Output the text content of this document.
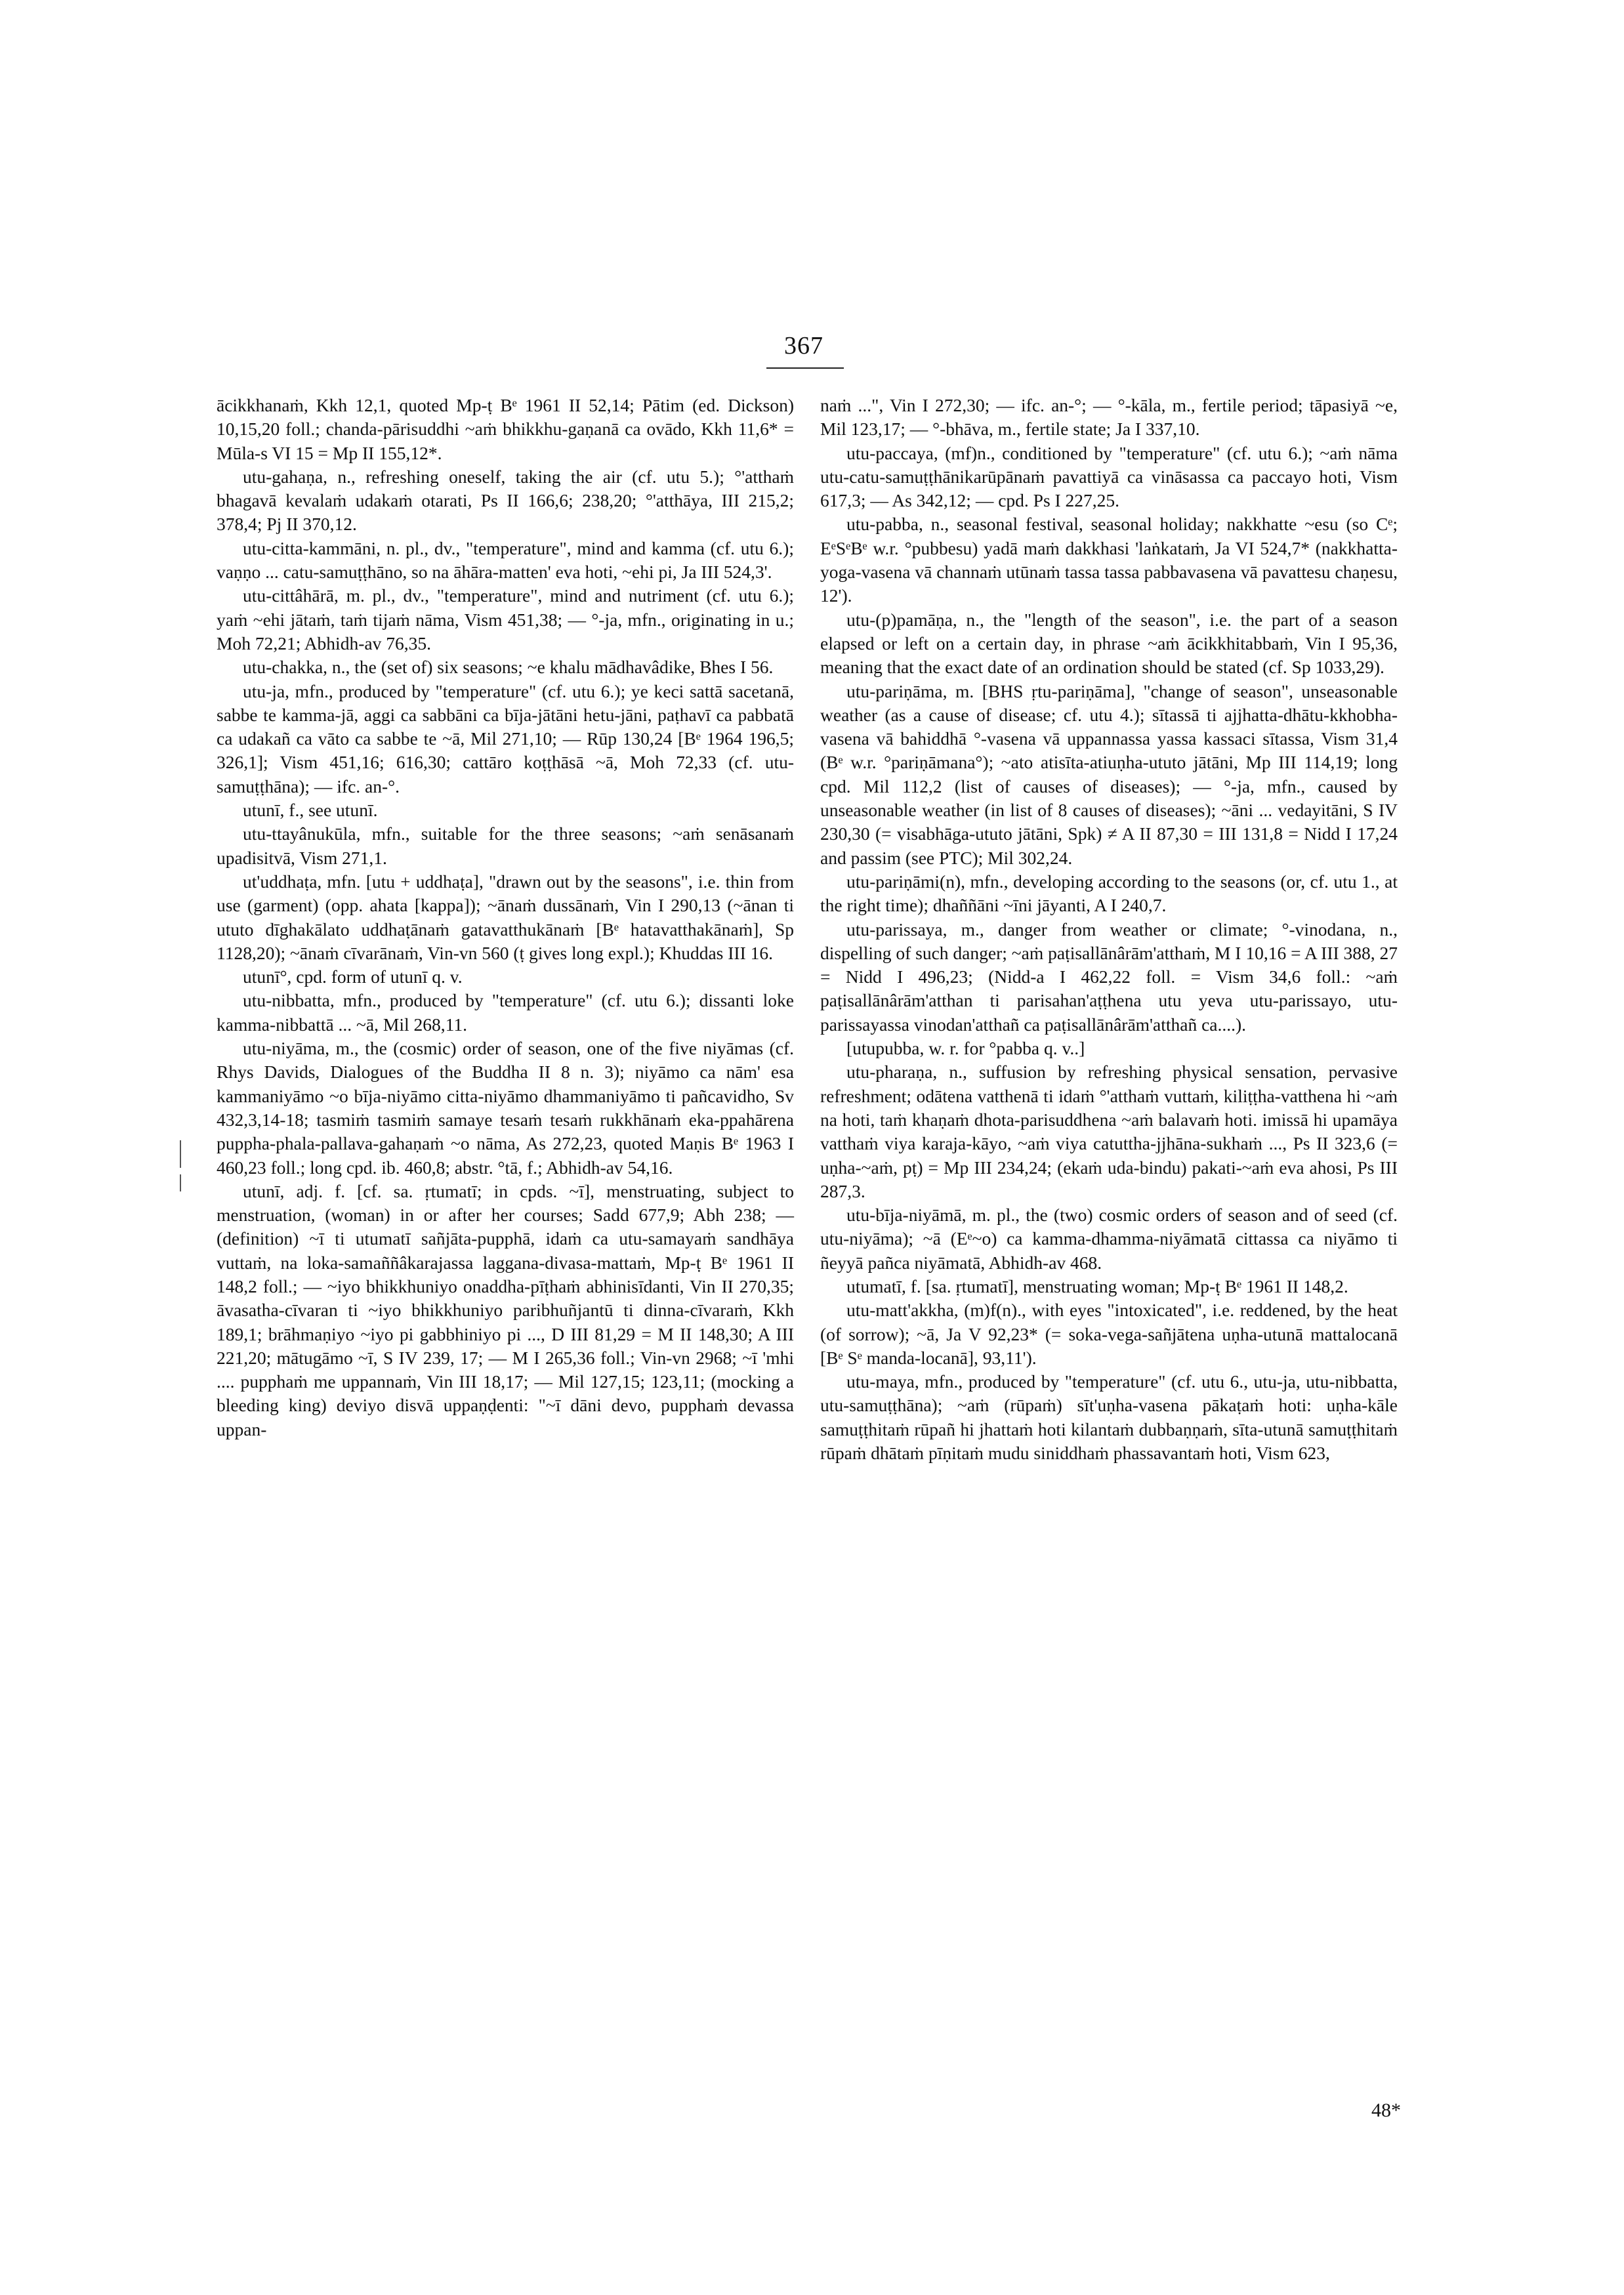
367

ācikkhanaṁ, Kkh 12,1, quoted Mp-ṭ Bᵉ 1961 II 52,14; Pātim (ed. Dickson) 10,15,20 foll.; chanda-pārisuddhi ~aṁ bhikkhu-gaṇanā ca ovādo, Kkh 11,6* = Mūla-s VI 15 = Mp II 155,12*.

utu-gahaṇa, n., refreshing oneself, taking the air (cf. utu 5.); °'atthaṁ bhagavā kevalaṁ udakaṁ otarati, Ps II 166,6; 238,20; °'atthāya, III 215,2; 378,4; Pj II 370,12.

utu-citta-kammāni, n. pl., dv., "temperature", mind and kamma (cf. utu 6.); vaṇṇo ... catu-samuṭṭhāno, so na āhāra-matten' eva hoti, ~ehi pi, Ja III 524,3'.

utu-cittâhārā, m. pl., dv., "temperature", mind and nutriment (cf. utu 6.); yaṁ ~ehi jātaṁ, taṁ tijaṁ nāma, Vism 451,38; — °-ja, mfn., originating in u.; Moh 72,21; Abhidh-av 76,35.

utu-chakka, n., the (set of) six seasons; ~e khalu mādhavâdike, Bhes I 56.

utu-ja, mfn., produced by "temperature" (cf. utu 6.); ye keci sattā sacetanā, sabbe te kamma-jā, aggi ca sabbāni ca bīja-jātāni hetu-jāni, paṭhavī ca pabbatā ca udakañ ca vāto ca sabbe te ~ā, Mil 271,10; — Rūp 130,24 [Bᵉ 1964 196,5; 326,1]; Vism 451,16; 616,30; cattāro koṭṭhāsā ~ā, Moh 72,33 (cf. utu-samuṭṭhāna); — ifc. an-°.

utunī, f., see utunī.

utu-ttayânukūla, mfn., suitable for the three seasons; ~aṁ senāsanaṁ upadisitvā, Vism 271,1.

ut'uddhaṭa, mfn. [utu + uddhaṭa], "drawn out by the seasons", i.e. thin from use (garment) (opp. ahata [kappa]); ~ānaṁ dussānaṁ, Vin I 290,13 (~ānan ti ututo dīghakālato uddhaṭānaṁ gatavatthukānaṁ [Bᵉ hatavatthakānaṁ], Sp 1128,20); ~ānaṁ cīvarānaṁ, Vin-vn 560 (ṭ gives long expl.); Khuddas III 16.

utunī°, cpd. form of utunī q. v.

utu-nibbatta, mfn., produced by "temperature" (cf. utu 6.); dissanti loke kamma-nibbattā ... ~ā, Mil 268,11.

utu-niyāma, m., the (cosmic) order of season, one of the five niyāmas (cf. Rhys Davids, Dialogues of the Buddha II 8 n. 3); niyāmo ca nām' esa kammaniyāmo ~o bīja-niyāmo citta-niyāmo dhammaniyāmo ti pañcavidho, Sv 432,3,14-18; tasmiṁ tasmiṁ samaye tesaṁ tesaṁ rukkhānaṁ eka-ppahārena puppha-phala-pallava-gahaṇaṁ ~o nāma, As 272,23, quoted Maṇis Bᵉ 1963 I 460,23 foll.; long cpd. ib. 460,8; abstr. °tā, f.; Abhidh-av 54,16.

utunī, adj. f. [cf. sa. ṛtumatī; in cpds. ~ī], menstruating, subject to menstruation, (woman) in or after her courses; Sadd 677,9; Abh 238; — (definition) ~ī ti utumatī sañjāta-pupphā, idaṁ ca utu-samayaṁ sandhāya vuttaṁ, na loka-samaññâkarajassa laggana-divasa-mattaṁ, Mp-ṭ Bᵉ 1961 II 148,2 foll.; — ~iyo bhikkhuniyo onaddha-pīṭhaṁ abhinisīdanti, Vin II 270,35; āvasatha-cīvaran ti ~iyo bhikkhuniyo paribhuñjantū ti dinna-cīvaraṁ, Kkh 189,1; brāhmaṇiyo ~iyo pi gabbhiniyo pi ..., D III 81,29 = M II 148,30; A III 221,20; mātugāmo ~ī, S IV 239, 17; — M I 265,36 foll.; Vin-vn 2968; ~ī 'mhi .... pupphaṁ me uppannaṁ, Vin III 18,17; — Mil 127,15; 123,11; (mocking a bleeding king) deviyo disvā uppaṇḍenti: "~ī dāni devo, pupphaṁ devassa uppan-

naṁ ...", Vin I 272,30; — ifc. an-°; — °-kāla, m., fertile period; tāpasiyā ~e, Mil 123,17; — °-bhāva, m., fertile state; Ja I 337,10.

utu-paccaya, (mf)n., conditioned by "temperature" (cf. utu 6.); ~aṁ nāma utu-catu-samuṭṭhānikarūpānaṁ pavattiyā ca vināsassa ca paccayo hoti, Vism 617,3; — As 342,12; — cpd. Ps I 227,25.

utu-pabba, n., seasonal festival, seasonal holiday; nakkhatte ~esu (so Cᵉ; EᵉSᵉBᵉ w.r. °pubbesu) yadā maṁ dakkhasi 'laṅkataṁ, Ja VI 524,7* (nakkhatta-yoga-vasena vā channaṁ utūnaṁ tassa tassa pabbavasena vā pavattesu chaṇesu, 12').

utu-(p)pamāṇa, n., the "length of the season", i.e. the part of a season elapsed or left on a certain day, in phrase ~aṁ ācikkhitabbaṁ, Vin I 95,36, meaning that the exact date of an ordination should be stated (cf. Sp 1033,29).

utu-pariṇāma, m. [BHS ṛtu-pariṇāma], "change of season", unseasonable weather (as a cause of disease; cf. utu 4.); sītassā ti ajjhatta-dhātu-kkhobha-vasena vā bahiddhā °-vasena vā uppannassa yassa kassaci sītassa, Vism 31,4 (Bᵉ w.r. °pariṇāmana°); ~ato atisīta-atiuṇha-ututo jātāni, Mp III 114,19; long cpd. Mil 112,2 (list of causes of diseases); — °-ja, mfn., caused by unseasonable weather (in list of 8 causes of diseases); ~āni ... vedayitāni, S IV 230,30 (= visabhāga-ututo jātāni, Spk) ≠ A II 87,30 = III 131,8 = Nidd I 17,24 and passim (see PTC); Mil 302,24.

utu-pariṇāmi(n), mfn., developing according to the seasons (or, cf. utu 1., at the right time); dhaññāni ~īni jāyanti, A I 240,7.

utu-parissaya, m., danger from weather or climate; °-vinodana, n., dispelling of such danger; ~aṁ paṭisallānârām'atthaṁ, M I 10,16 = A III 388, 27 = Nidd I 496,23; (Nidd-a I 462,22 foll. = Vism 34,6 foll.: ~aṁ paṭisallānârām'atthan ti parisahan'aṭṭhena utu yeva utu-parissayo, utu-parissayassa vinodan'atthañ ca paṭisallānârām'atthañ ca....).

[utupubba, w. r. for °pabba q. v..]

utu-pharaṇa, n., suffusion by refreshing physical sensation, pervasive refreshment; odātena vatthenā ti idaṁ °'atthaṁ vuttaṁ, kiliṭṭha-vatthena hi ~aṁ na hoti, taṁ khaṇaṁ dhota-parisuddhena ~aṁ balavaṁ hoti. imissā hi upamāya vatthaṁ viya karaja-kāyo, ~aṁ viya catuttha-jjhāna-sukhaṁ ..., Ps II 323,6 (= uṇha-~aṁ, pṭ) = Mp III 234,24; (ekaṁ uda-bindu) pakati-~aṁ eva ahosi, Ps III 287,3.

utu-bīja-niyāmā, m. pl., the (two) cosmic orders of season and of seed (cf. utu-niyāma); ~ā (Eᵉ~o) ca kamma-dhamma-niyāmatā cittassa ca niyāmo ti ñeyyā pañca niyāmatā, Abhidh-av 468.

utumatī, f. [sa. ṛtumatī], menstruating woman; Mp-ṭ Bᵉ 1961 II 148,2.

utu-matt'akkha, (m)f(n)., with eyes "intoxicated", i.e. reddened, by the heat (of sorrow); ~ā, Ja V 92,23* (= soka-vega-sañjātena uṇha-utunā mattalocanā [Bᵉ Sᵉ manda-locanā], 93,11').

utu-maya, mfn., produced by "temperature" (cf. utu 6., utu-ja, utu-nibbatta, utu-samuṭṭhāna); ~aṁ (rūpaṁ) sīt'uṇha-vasena pākaṭaṁ hoti: uṇha-kāle samuṭṭhitaṁ rūpañ hi jhattaṁ hoti kilantaṁ dubbaṇṇaṁ, sīta-utunā samuṭṭhitaṁ rūpaṁ dhātaṁ pīṇitaṁ mudu siniddhaṁ phassavantaṁ hoti, Vism 623,

48*
